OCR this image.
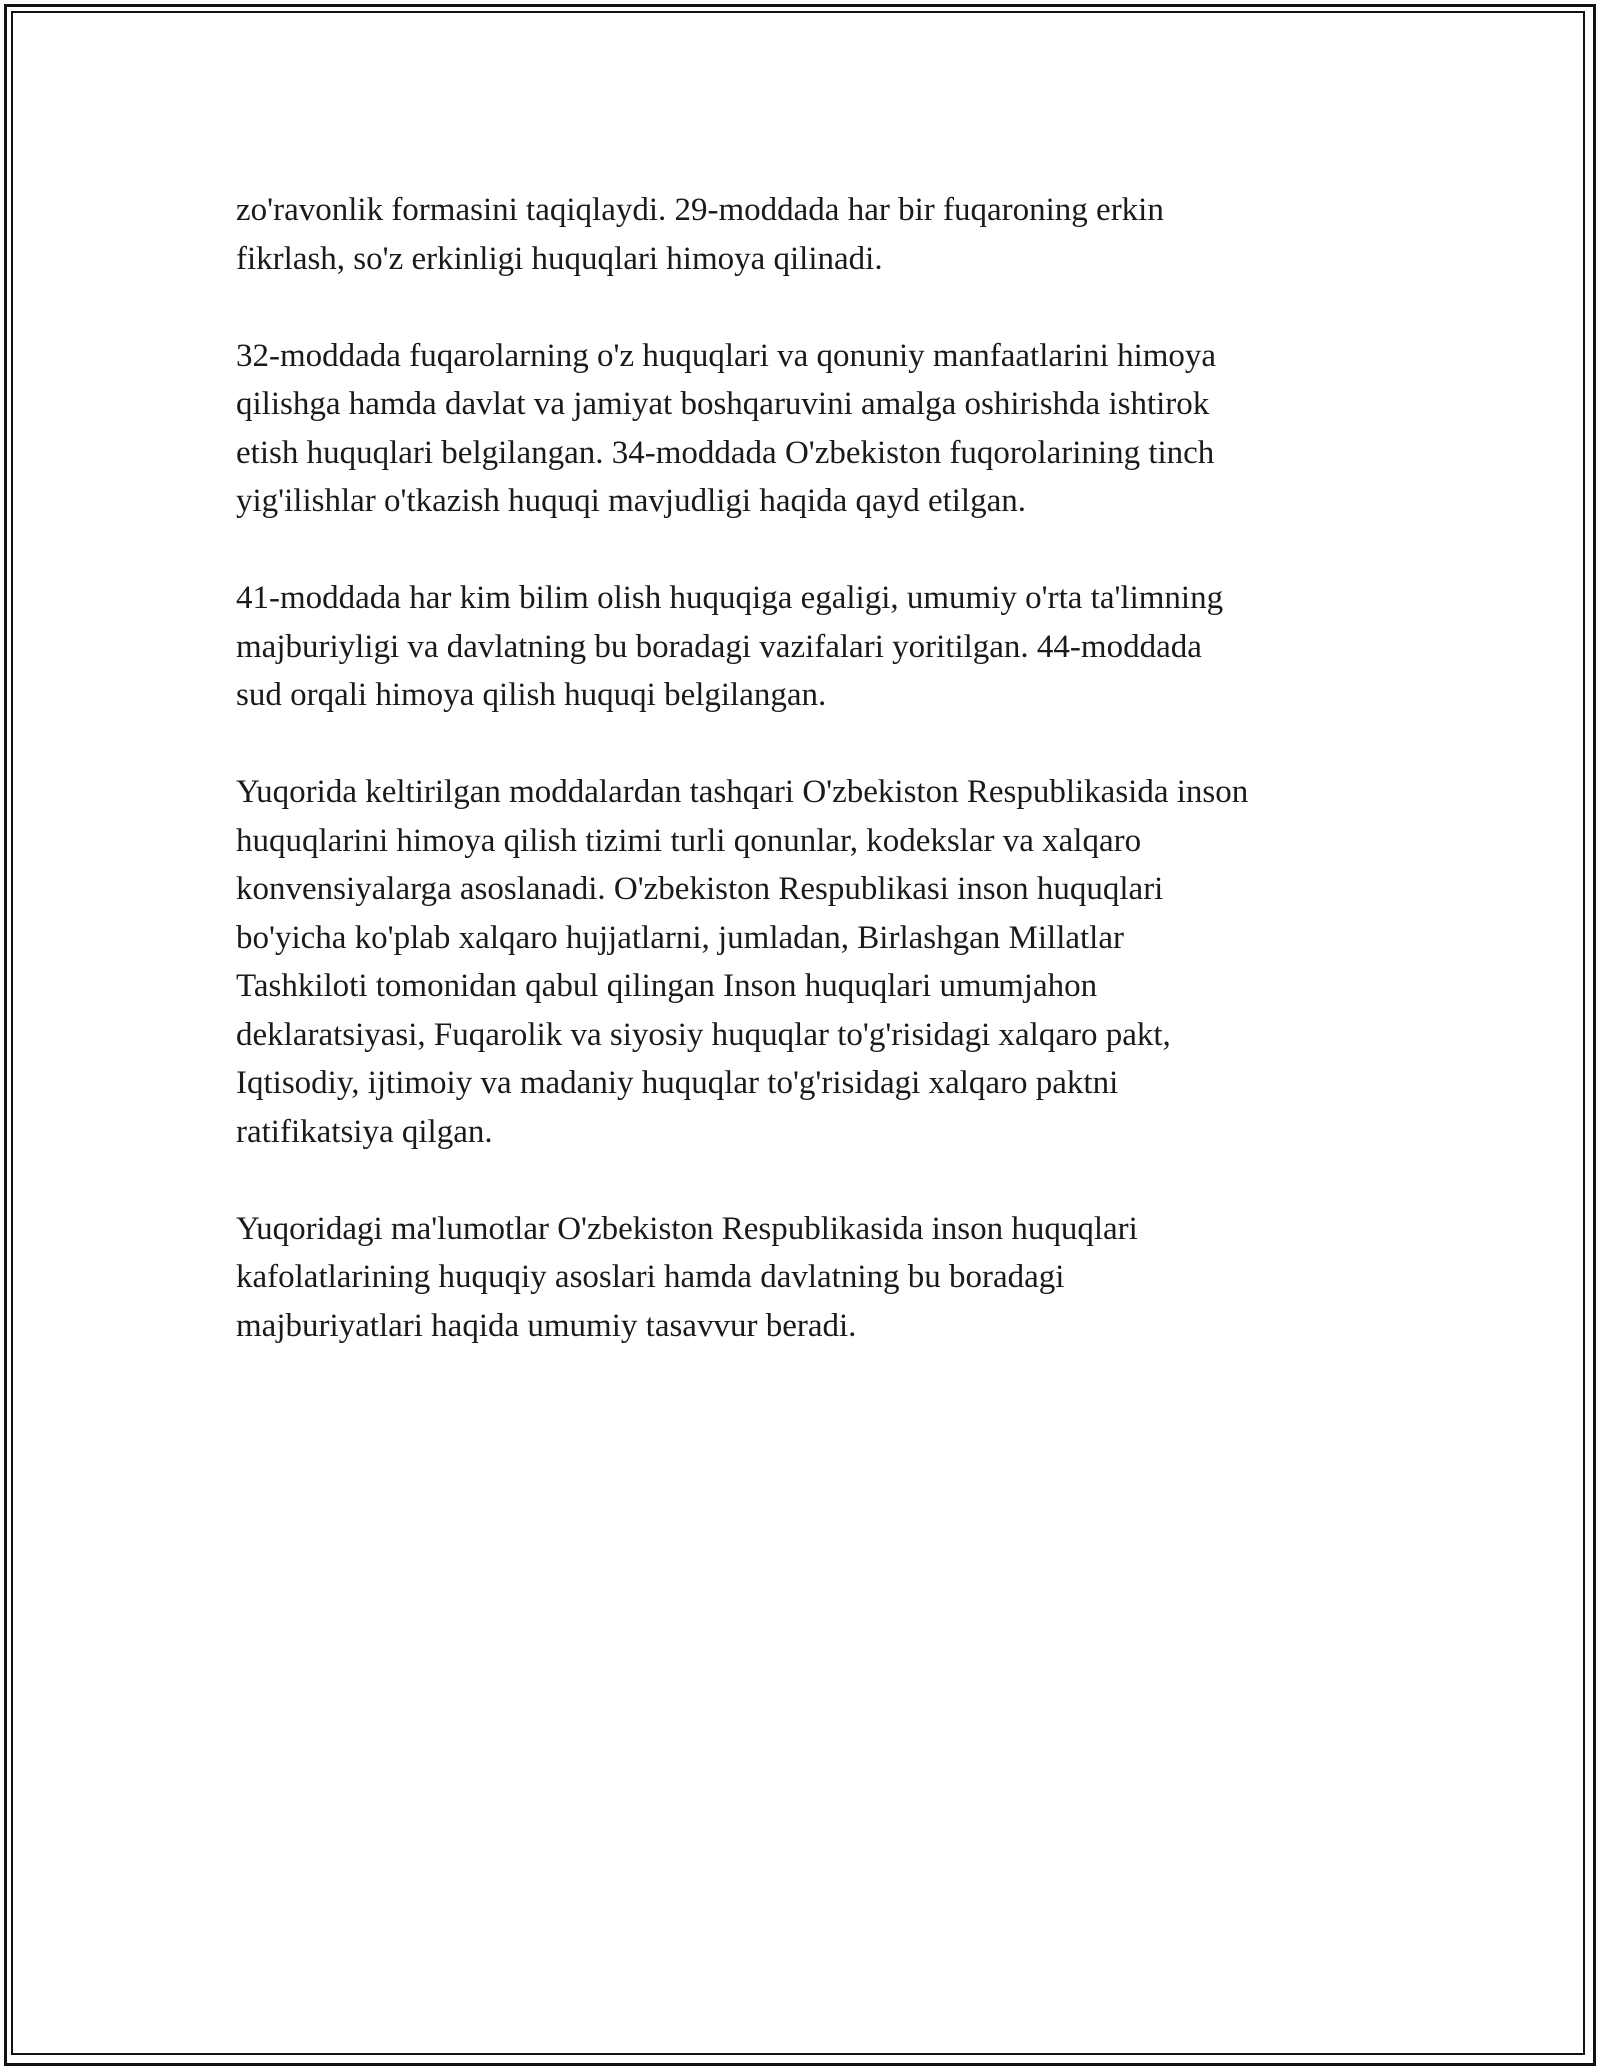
zo'ravonlik formasini taqiqlaydi. 29-moddada har bir fuqaroning erkin
fikrlash, so'z erkinligi huquqlari himoya qilinadi.

32-moddada fuqarolarning o'z huquqlari va qonuniy manfaatlarini himoya
qilishga hamda davlat va jamiyat boshqaruvini amalga oshirishda ishtirok
etish huquqlari belgilangan. 34-moddada O'zbekiston fuqorolarining tinch
yig'ilishlar o'tkazish huquqi mavjudligi haqida qayd etilgan.

41-moddada har kim bilim olish huquqiga egaligi, umumiy o'rta ta'limning
majburiyligi va davlatning bu boradagi vazifalari yoritilgan. 44-moddada
sud orqali himoya qilish huquqi belgilangan.

Yuqorida keltirilgan moddalardan tashqari O'zbekiston Respublikasida inson
huquqlarini himoya qilish tizimi turli qonunlar, kodekslar va xalqaro
konvensiyalarga asoslanadi. O'zbekiston Respublikasi inson huquqlari
bo'yicha ko'plab xalqaro hujjatlarni, jumladan, Birlashgan Millatlar
Tashkiloti tomonidan qabul qilingan Inson huquqlari umumjahon
deklaratsiyasi, Fuqarolik va siyosiy huquqlar to'g'risidagi xalqaro pakt,
Iqtisodiy, ijtimoiy va madaniy huquqlar to'g'risidagi xalqaro paktni
ratifikatsiya qilgan.

Yuqoridagi ma'lumotlar O'zbekiston Respublikasida inson huquqlari
kafolatlarining huquqiy asoslari hamda davlatning bu boradagi
majburiyatlari haqida umumiy tasavvur beradi.
